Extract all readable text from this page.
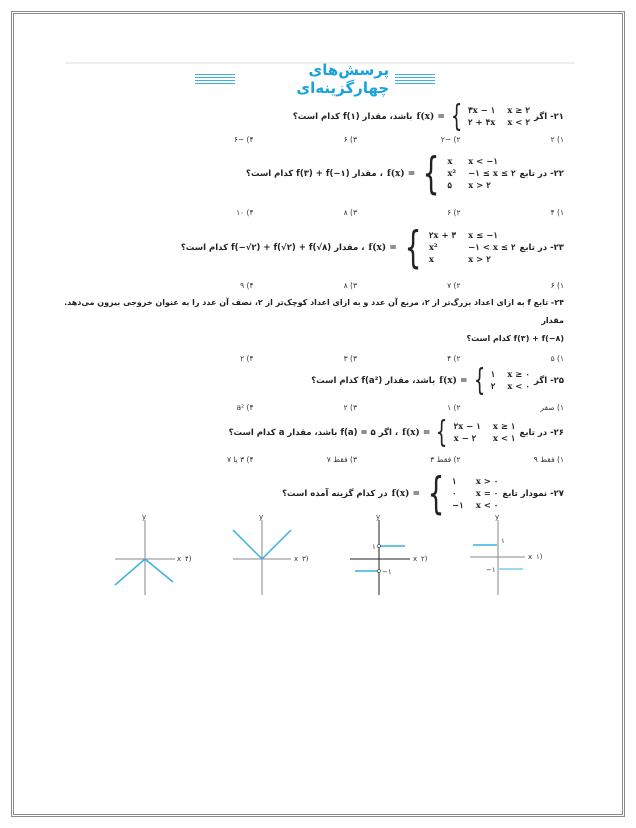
پرسش‌های چهارگزینه‌ای
۲۱- اگر
f(x) = { ۳x − ۱ x ≥ ۲
۲ + ۴x x < ۲
باشد، مقدار f(۱) کدام است؟
۱) ۲
۲) −۲
۳) ۶
۴) −۶
۲۲- در تابع
f(x) = { x	x < −۱
x² −۱ ≤ x ≤ ۲
۵	x > ۲
، مقدار f(۳) + f(−۱) کدام است؟
۱) ۴
۲) ۶
۳) ۸
۴) ۱۰
۲۳- در تابع
f(x) = { ۲x + ۳ x ≤ −۱
x²	−۱ < x ≤ ۲
x	x > ۲
، مقدار f(−√۲) + f(√۲) + f(√۸) کدام است؟
۱) ۶
۲) ۷
۳) ۸
۴) ۹
۲۴- تابع f به ازای اعداد بزرگ‌تر از ۲، مربع آن عدد و به ازای اعداد کوچک‌تر از ۲، نصف آن عدد را به عنوان خروجی بیرون می‌دهد. مقدار
f(۳) + f(−۸) کدام است؟
۱) ۵
۲) ۴
۳) ۳
۴) ۲
۲۵- اگر
f(x) = { ۱ x ≥ ۰
۲ x < ۰
باشد، مقدار f(a²) کدام است؟
۱) صفر
۲) ۱
۳) ۲
۴) a²
۲۶- در تابع
f(x) = { ۲x − ۱ x ≥ ۱
x − ۲	x < ۱
، اگر f(a) = ۵ باشد، مقدار a کدام است؟
۱) فقط ۹
۲) فقط ۳
۳) فقط ۷
۴) ۳ یا ۷
۲۷- نمودار تابع
f(x) = { ۱	x > ۰
۰	x = ۰
−۱ x < ۰
در کدام گزینه آمده است؟
y
x ۴)
y
x ۳)
۱
−۱
y
x ۲)
۱
−۱
y
x ۱)
